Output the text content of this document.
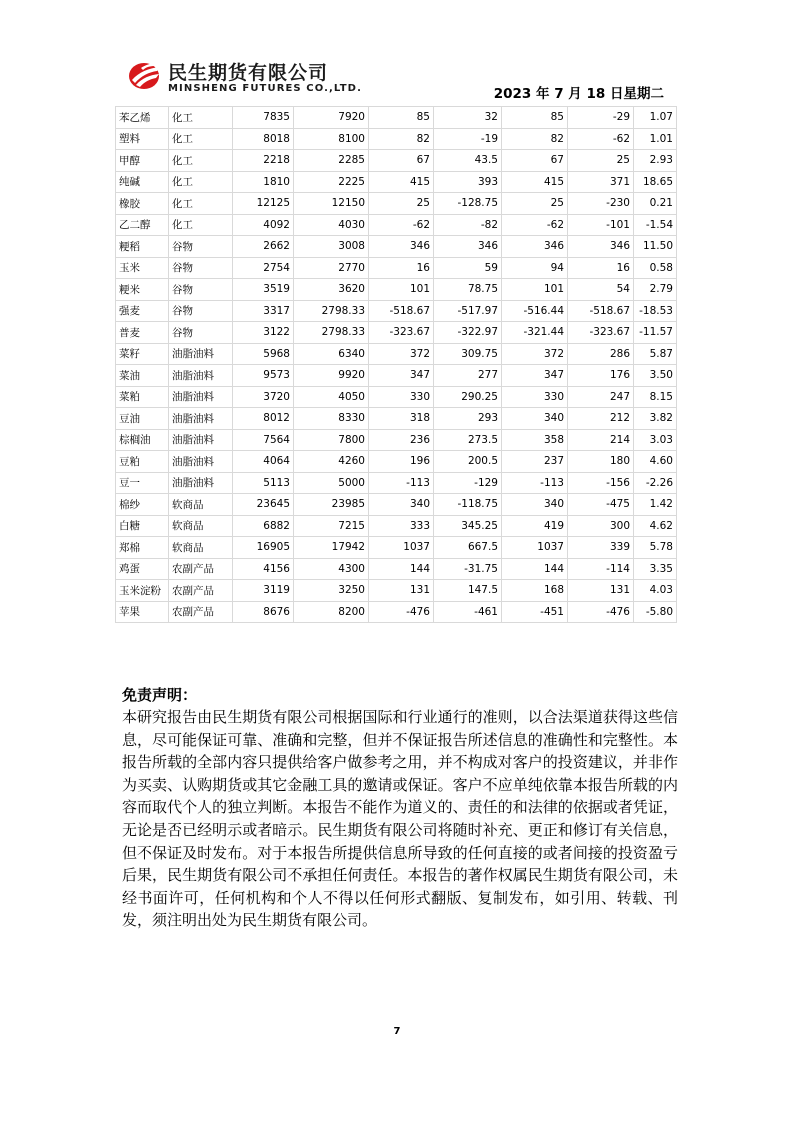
民生期货有限公司
MINSHENG FUTURES CO.,LTD.	2023 年 7 月 18 日星期二
苯乙烯	化工	7835	7920	85	32	85	-29	1.07
塑料	化工	8018	8100	82	-19	82	-62	1.01
甲醇	化工	2218	2285	67	43.5	67	25	2.93
纯碱	化工	1810	2225	415	393	415	371	18.65
橡胶	化工	12125	12150	25	-128.75	25	-230	0.21
乙二醇	化工	4092	4030	-62	-82	-62	-101	-1.54
粳稻	谷物	2662	3008	346	346	346	346	11.50
玉米	谷物	2754	2770	16	59	94	16	0.58
粳米	谷物	3519	3620	101	78.75	101	54	2.79
强麦	谷物	3317	2798.33	-518.67	-517.97	-516.44	-518.67	-18.53
普麦	谷物	3122	2798.33	-323.67	-322.97	-321.44	-323.67	-11.57
菜籽	油脂油料	5968	6340	372	309.75	372	286	5.87
菜油	油脂油料	9573	9920	347	277	347	176	3.50
菜粕	油脂油料	3720	4050	330	290.25	330	247	8.15
豆油	油脂油料	8012	8330	318	293	340	212	3.82
棕榈油	油脂油料	7564	7800	236	273.5	358	214	3.03
豆粕	油脂油料	4064	4260	196	200.5	237	180	4.60
豆一	油脂油料	5113	5000	-113	-129	-113	-156	-2.26
棉纱	软商品	23645	23985	340	-118.75	340	-475	1.42
白糖	软商品	6882	7215	333	345.25	419	300	4.62
郑棉	软商品	16905	17942	1037	667.5	1037	339	5.78
鸡蛋	农副产品	4156	4300	144	-31.75	144	-114	3.35
玉米淀粉	农副产品	3119	3250	131	147.5	168	131	4.03
苹果	农副产品	8676	8200	-476	-461	-451	-476	-5.80
免责声明：

本研究报告由民生期货有限公司根据国际和行业通行的准则，以合法渠道获得这些信息，尽可能保证可靠、准确和完整，但并不保证报告所述信息的准确性和完整性。本报告所载的全部内容只提供给客户做参考之用，并不构成对客户的投资建议，并非作为买卖、认购期货或其它金融工具的邀请或保证。客户不应单纯依靠本报告所载的内容而取代个人的独立判断。本报告不能作为道义的、责任的和法律的依据或者凭证，无论是否已经明示或者暗示。民生期货有限公司将随时补充、更正和修订有关信息，但不保证及时发布。对于本报告所提供信息所导致的任何直接的或者间接的投资盈亏后果，民生期货有限公司不承担任何责任。本报告的著作权属民生期货有限公司，未经书面许可，任何机构和个人不得以任何形式翻版、复制发布，如引用、转载、刊发，须注明出处为民生期货有限公司。

7
